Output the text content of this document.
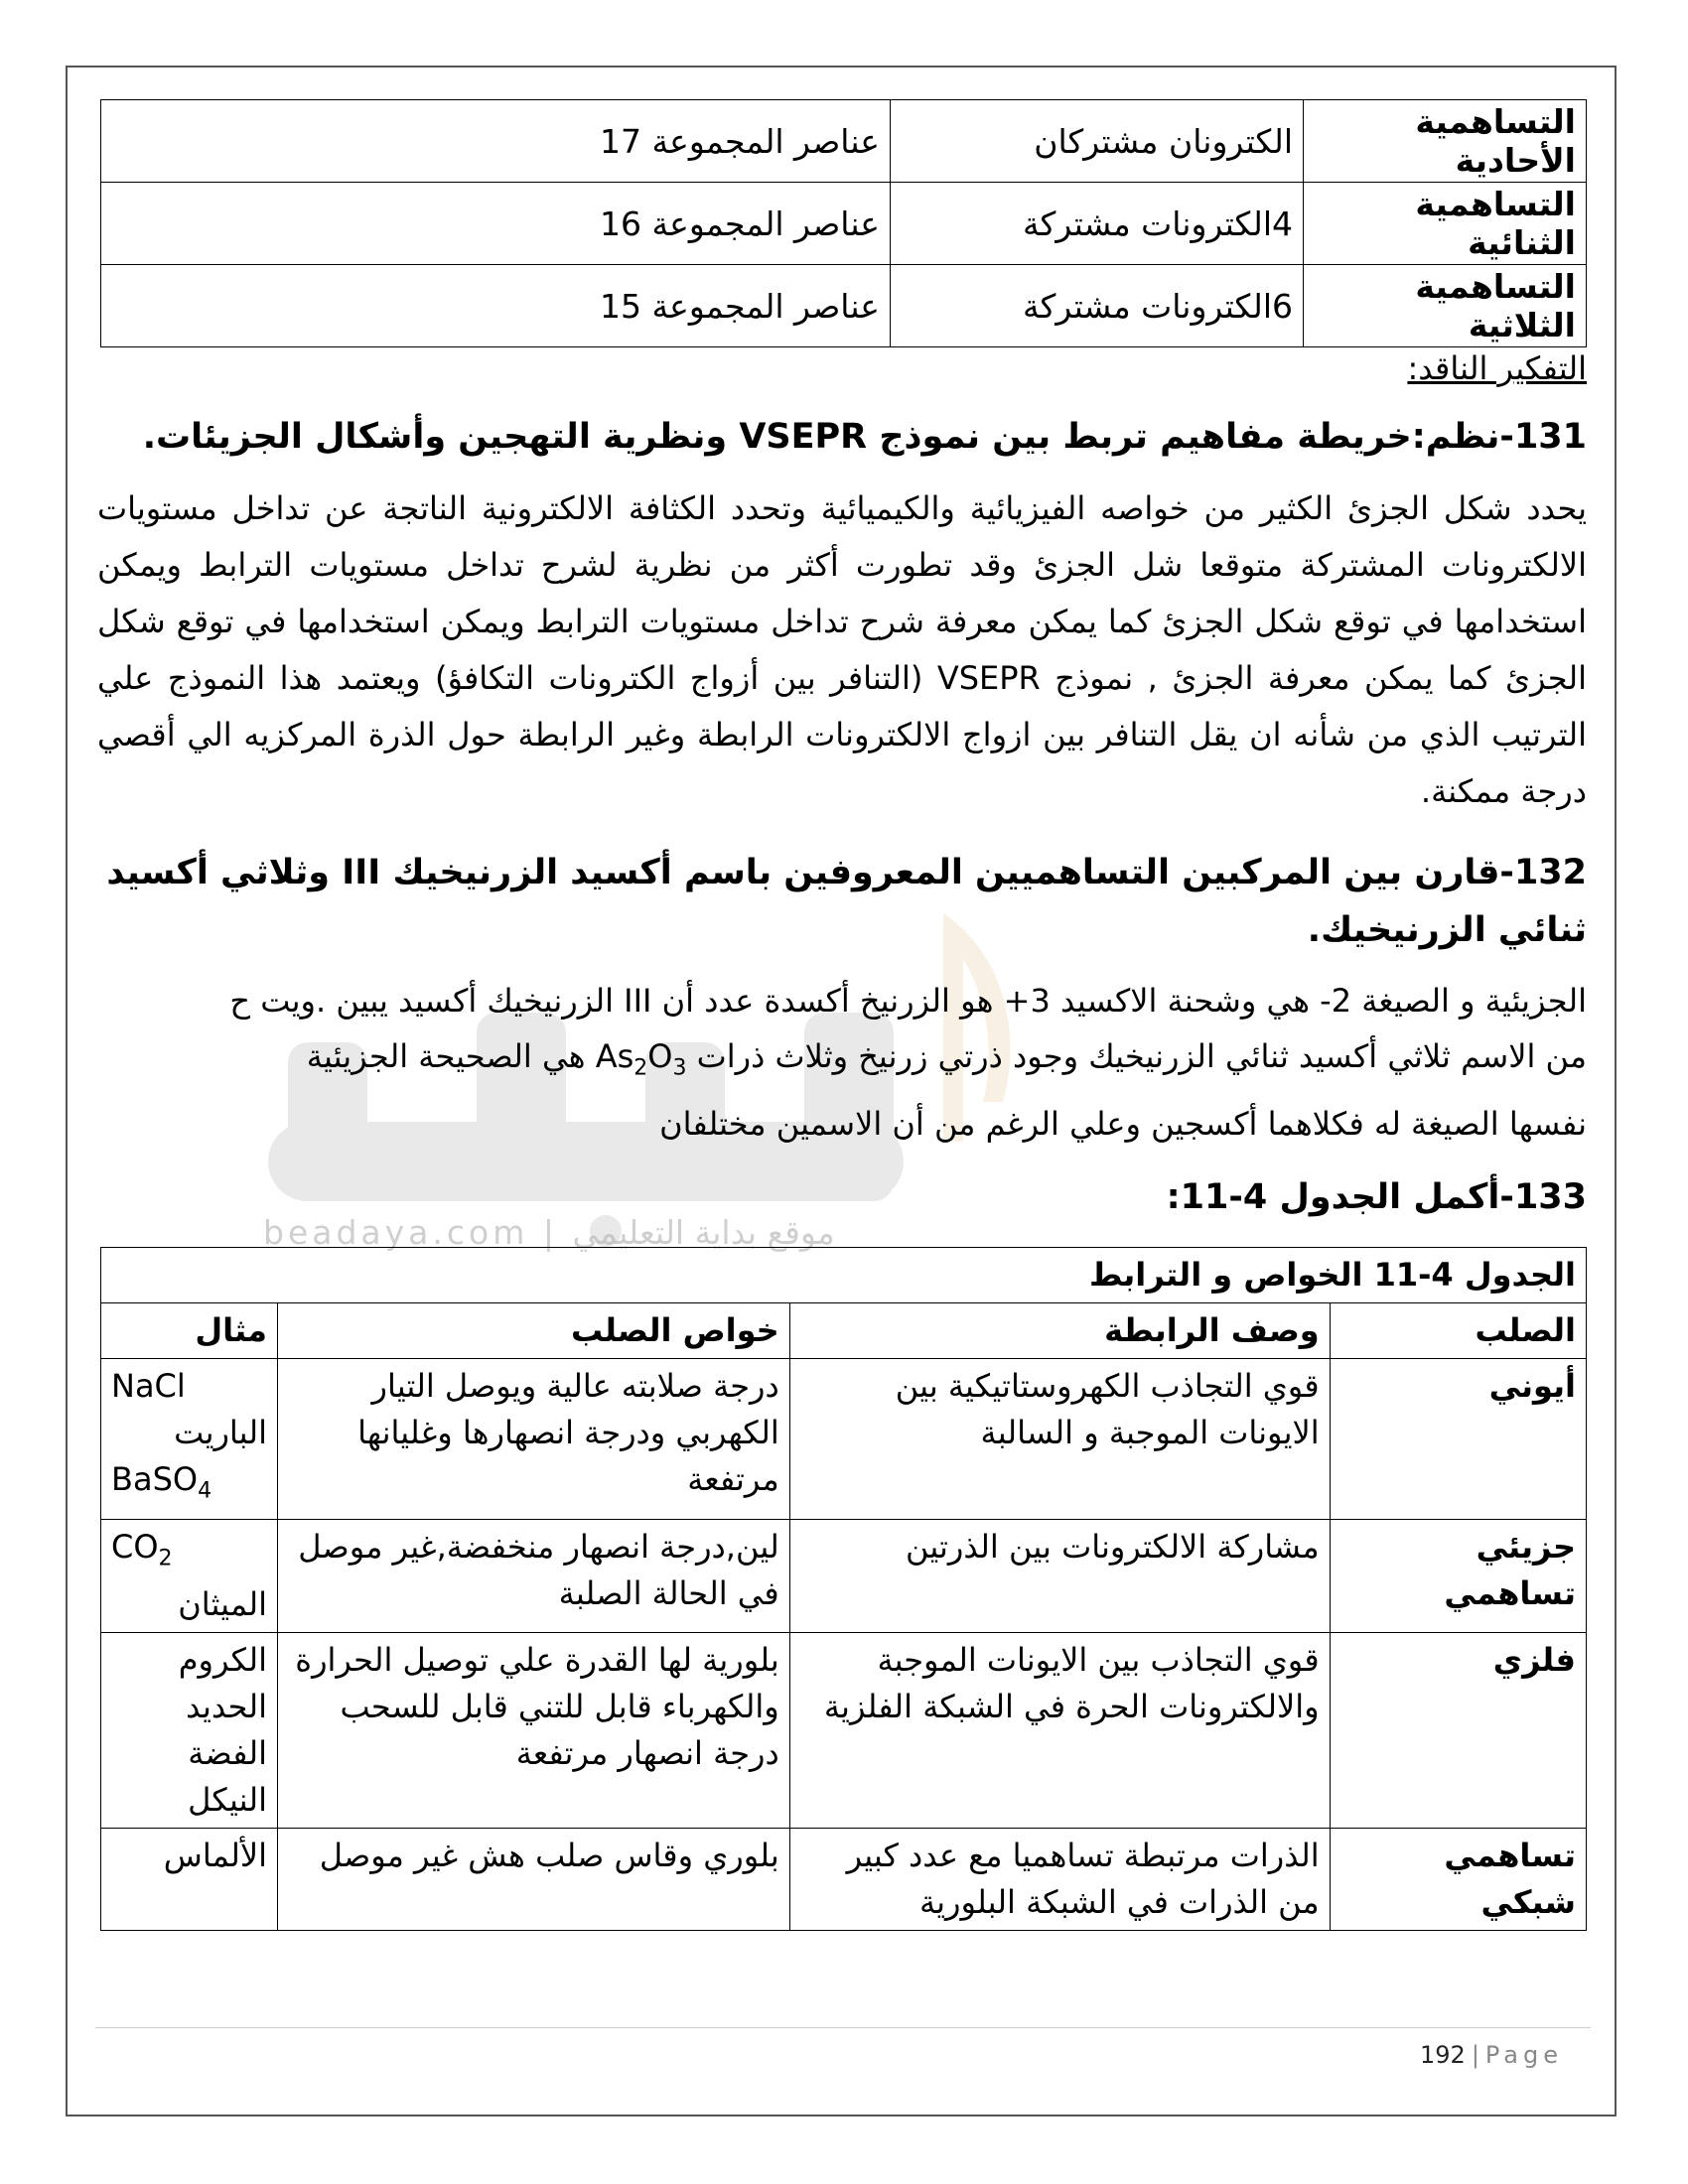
beadaya.com | موقع بداية التعليمي
التساهمية الأحادية	الكترونان مشتركان	عناصر المجموعة 17
التساهمية الثنائية	4الكترونات مشتركة	عناصر المجموعة 16
التساهمية الثلاثية	6الكترونات مشتركة	عناصر المجموعة 15
التفكير الناقد:
131-نظم:خريطة مفاهيم تربط بين نموذج VSEPR ونظرية التهجين وأشكال الجزيئات.

يحدد شكل الجزئ الكثير من خواصه الفيزيائية والكيميائية وتحدد الكثافة الالكترونية الناتجة عن تداخل مستويات الالكترونات المشتركة متوقعا شل الجزئ وقد تطورت أكثر من نظرية لشرح تداخل مستويات الترابط ويمكن استخدامها في توقع شكل الجزئ كما يمكن معرفة شرح تداخل مستويات الترابط ويمكن استخدامها في توقع شكل الجزئ كما يمكن معرفة الجزئ , نموذج VSEPR (التنافر بين أزواج الكترونات التكافؤ) ويعتمد هذا النموذج علي الترتيب الذي من شأنه ان يقل التنافر بين ازواج الالكترونات الرابطة وغير الرابطة حول الذرة المركزيه الي أقصي درجة ممكنة.

132-قارن بين المركبين التساهميين المعروفين باسم أكسيد الزرنيخيك III وثلاثي أكسيد ثنائي الزرنيخيك.
الجزيئية و الصيغة 2- هي وشحنة الاكسيد 3+ هو الزرنيخ أكسدة عدد أن III الزرنيخيك أكسيد يبين .ويت ح
من الاسم ثلاثي أكسيد ثنائي الزرنيخيك وجود ذرتي زرنيخ وثلاث ذرات $As_2O_3$ هي الصحيحة الجزيئية
نفسها الصيغة له فكلاهما أكسجين وعلي الرغم من أن الاسمين مختلفان
133-أكمل الجدول 4-11:
الجدول 4-11 الخواص و الترابط			
الصلب	وصف الرابطة	خواص الصلب	مثال
أيوني	قوي التجاذب الكهروستاتيكية بين الايونات الموجبة و السالبة	درجة صلابته عالية ويوصل التيار الكهربي ودرجة انصهارها وغليانها مرتفعة	NaCl
الباريت
BaSO$_4$

جزيئي تساهمي	مشاركة الالكترونات بين الذرتين	لين,درجة انصهار منخفضة,غير موصل في الحالة الصلبة	$CO_2$
الميثان

فلزي	قوي التجاذب بين الايونات الموجبة والالكترونات الحرة في الشبكة الفلزية	بلورية لها القدرة علي توصيل الحرارة والكهرباء قابل للتني قابل للسحب درجة انصهار مرتفعة	الكروم
الحديد
الفضة
النيكل

تساهمي شبكي	الذرات مرتبطة تساهميا مع عدد كبير من الذرات في الشبكة البلورية	بلوري وقاس صلب هش غير موصل	الألماس
192 | Page
